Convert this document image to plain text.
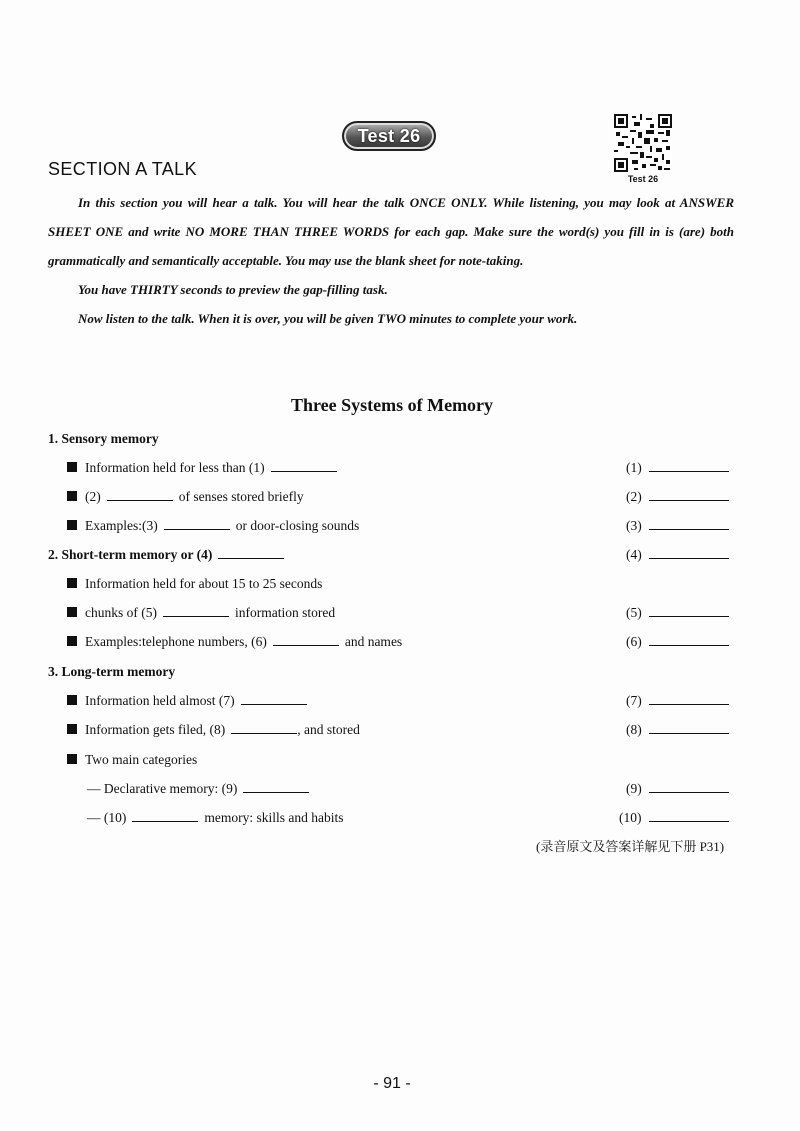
Test 26
Test 26
SECTION A TALK

In this section you will hear a talk. You will hear the talk ONCE ONLY. While listening, you may look at ANSWER SHEET ONE and write NO MORE THAN THREE WORDS for each gap. Make sure the word(s) you fill in is (are) both grammatically and semantically acceptable. You may use the blank sheet for note-taking.

You have THIRTY seconds to preview the gap-filling task.

Now listen to the talk. When it is over, you will be given TWO minutes to complete your work.

Three Systems of Memory
1. Sensory memory
Information held for less than (1)	(1)
(2)	of senses stored briefly	(2)
Examples:(3)	or door-closing sounds	(3)
2. Short-term memory or (4)	(4)
Information held for about 15 to 25 seconds
chunks of (5)	information stored	(5)
Examples:telephone numbers, (6)	and names	(6)
3. Long-term memory
Information held almost (7)	(7)
Information gets filed, (8)	, and stored	(8)
Two main categories
— Declarative memory: (9)	(9)
— (10)	memory: skills and habits	(10)
(录音原文及答案详解见下册 P31)
- 91 -
